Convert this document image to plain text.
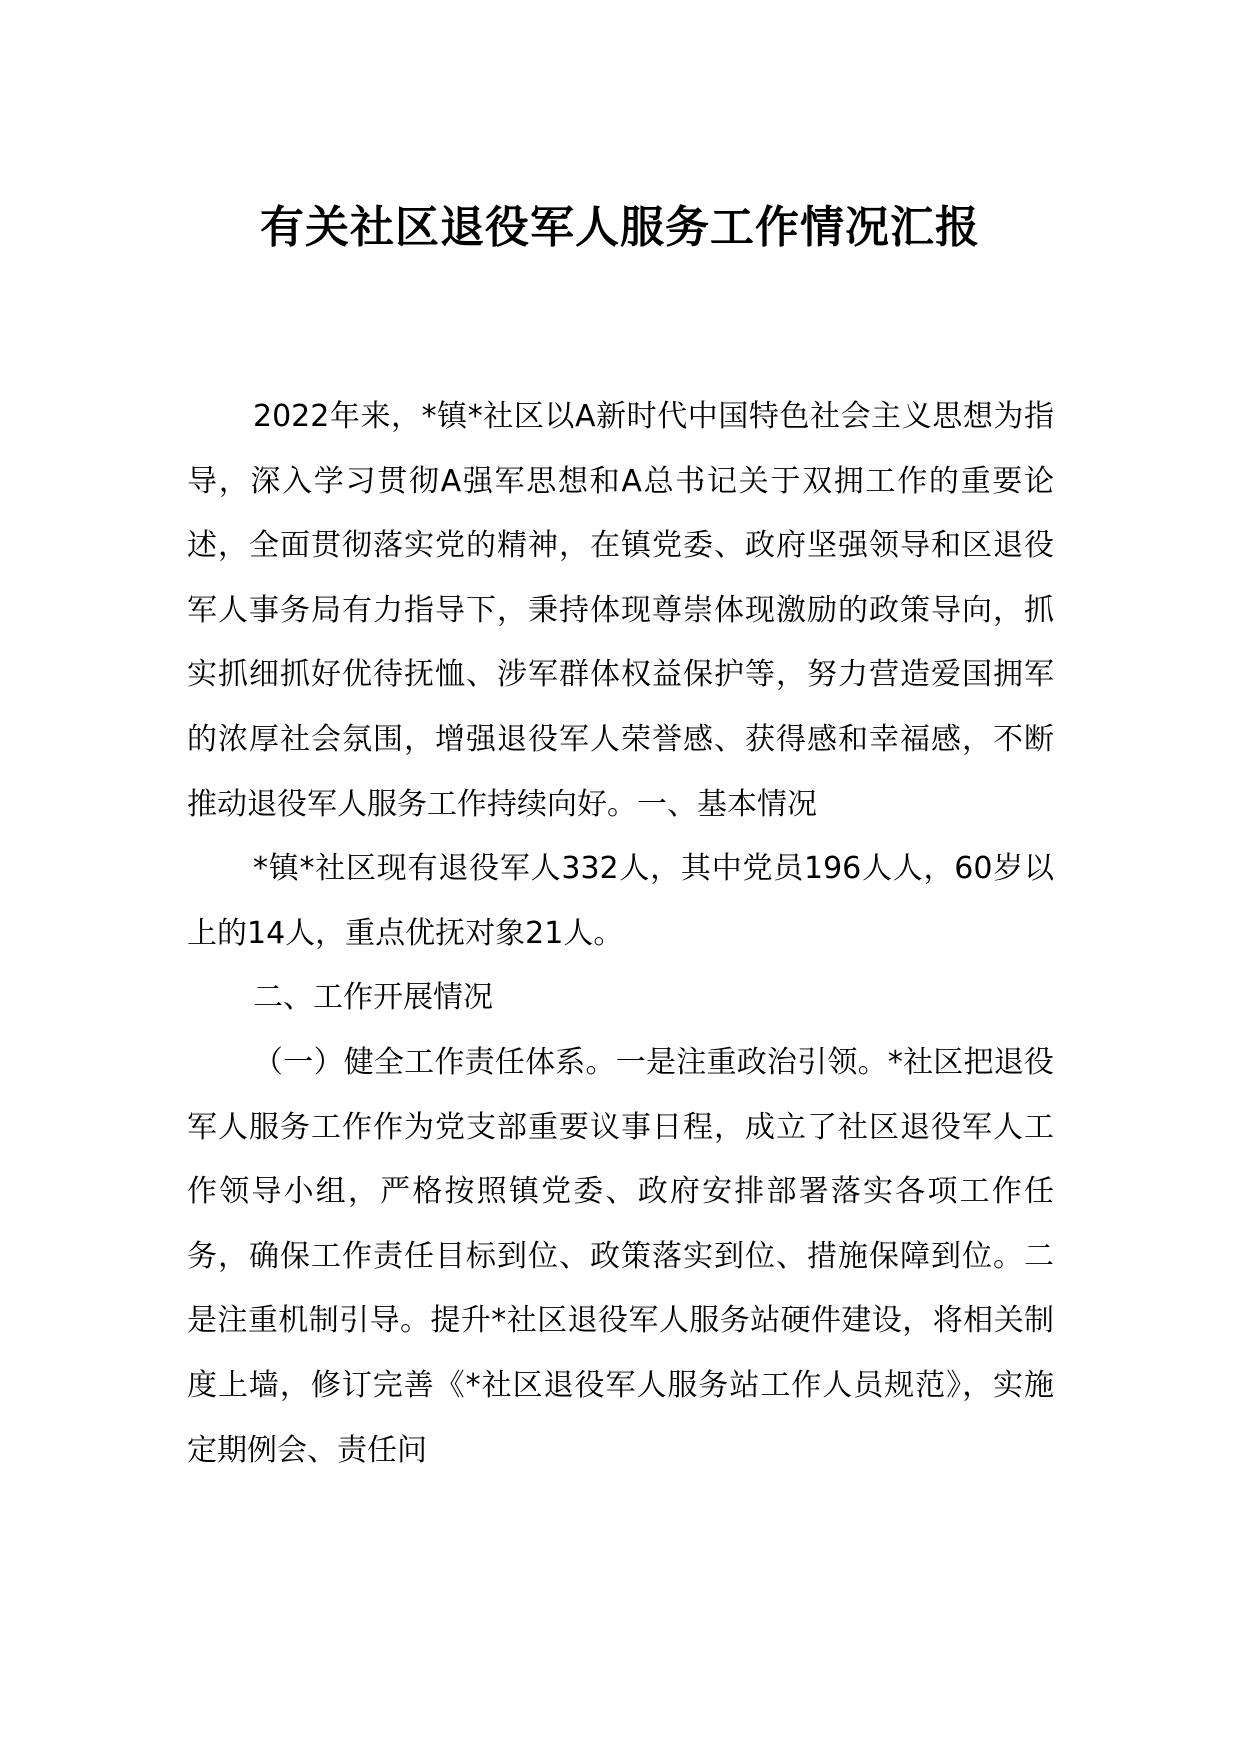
有关社区退役军人服务工作情况汇报

2022年来，*镇*社区以A新时代中国特色社会主义思想为指导，深入学习贯彻A强军思想和A总书记关于双拥工作的重要论述，全面贯彻落实党的精神，在镇党委、政府坚强领导和区退役军人事务局有力指导下，秉持体现尊崇体现激励的政策导向，抓实抓细抓好优待抚恤、涉军群体权益保护等，努力营造爱国拥军的浓厚社会氛围，增强退役军人荣誉感、获得感和幸福感，不断推动退役军人服务工作持续向好。一、基本情况

*镇*社区现有退役军人332人，其中党员196人人，60岁以上的14人，重点优抚对象21人。

二、工作开展情况

（一）健全工作责任体系。一是注重政治引领。*社区把退役军人服务工作作为党支部重要议事日程，成立了社区退役军人工作领导小组，严格按照镇党委、政府安排部署落实各项工作任务，确保工作责任目标到位、政策落实到位、措施保障到位。二是注重机制引导。提升*社区退役军人服务站硬件建设，将相关制度上墙，修订完善《*社区退役军人服务站工作人员规范》，实施定期例会、责任问
